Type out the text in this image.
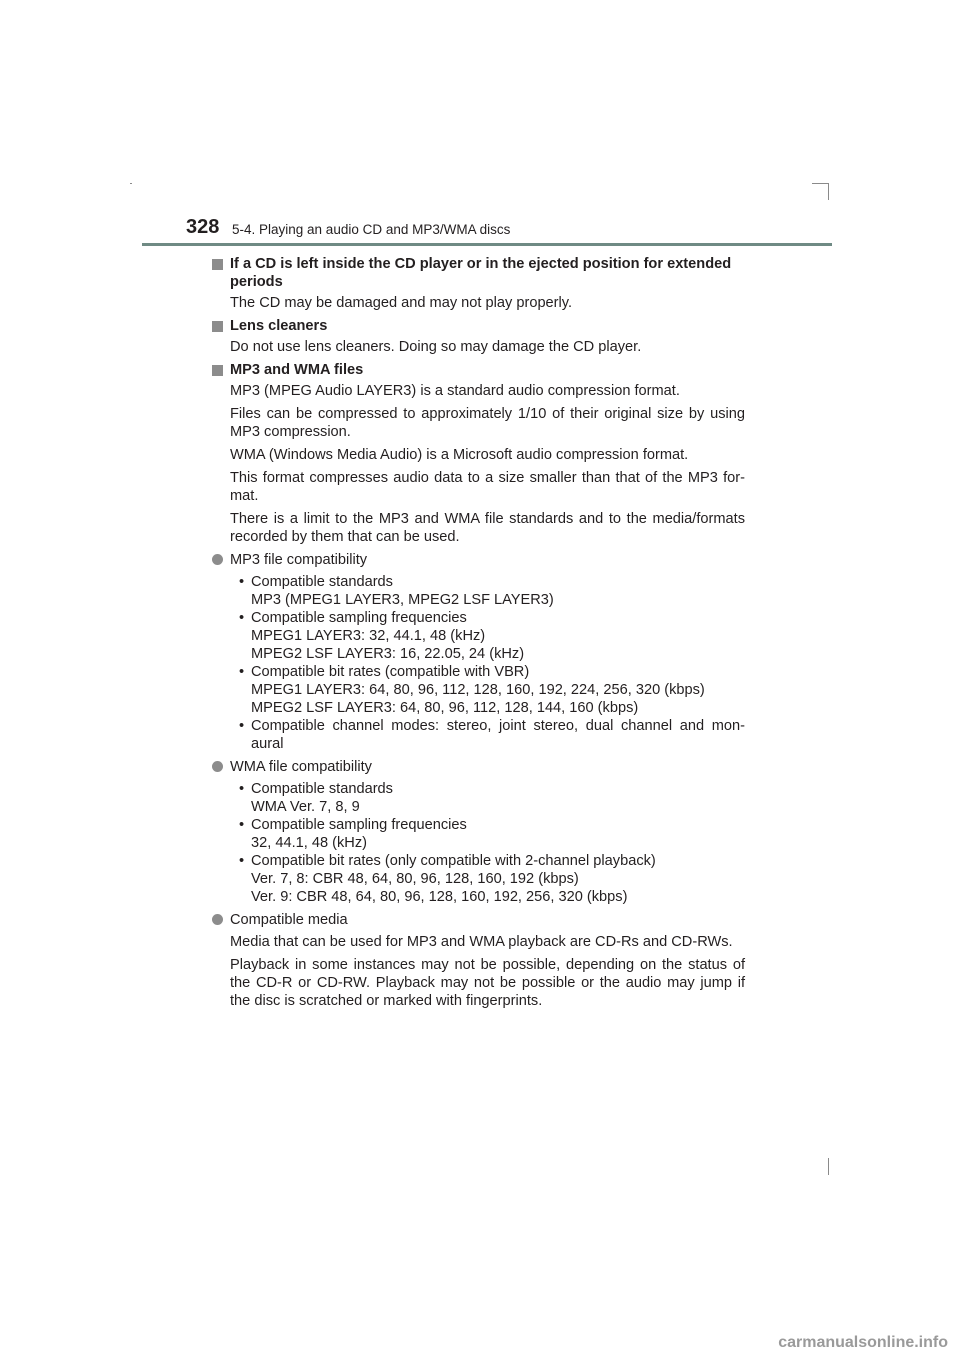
328 5-4. Playing an audio CD and MP3/WMA discs
If a CD is left inside the CD player or in the ejected position for extended periods
The CD may be damaged and may not play properly.
Lens cleaners
Do not use lens cleaners. Doing so may damage the CD player.
MP3 and WMA files
MP3 (MPEG Audio LAYER3) is a standard audio compression format.
Files can be compressed to approximately 1/10 of their original size by using MP3 compression.
WMA (Windows Media Audio) is a Microsoft audio compression format.
This format compresses audio data to a size smaller than that of the MP3 for-mat.
There is a limit to the MP3 and WMA file standards and to the media/formats recorded by them that can be used.
MP3 file compatibility
• Compatible standards
MP3 (MPEG1 LAYER3, MPEG2 LSF LAYER3)
• Compatible sampling frequencies
MPEG1 LAYER3: 32, 44.1, 48 (kHz)
MPEG2 LSF LAYER3: 16, 22.05, 24 (kHz)
• Compatible bit rates (compatible with VBR)
MPEG1 LAYER3: 64, 80, 96, 112, 128, 160, 192, 224, 256, 320 (kbps)
MPEG2 LSF LAYER3: 64, 80, 96, 112, 128, 144, 160 (kbps)
• Compatible channel modes: stereo, joint stereo, dual channel and mon-aural
WMA file compatibility
• Compatible standards
WMA Ver. 7, 8, 9
• Compatible sampling frequencies
32, 44.1, 48 (kHz)
• Compatible bit rates (only compatible with 2-channel playback)
Ver. 7, 8: CBR 48, 64, 80, 96, 128, 160, 192 (kbps)
Ver. 9: CBR 48, 64, 80, 96, 128, 160, 192, 256, 320 (kbps)
Compatible media
Media that can be used for MP3 and WMA playback are CD-Rs and CD-RWs.
Playback in some instances may not be possible, depending on the status of the CD-R or CD-RW. Playback may not be possible or the audio may jump if the disc is scratched or marked with fingerprints.
carmanualsonline.info
